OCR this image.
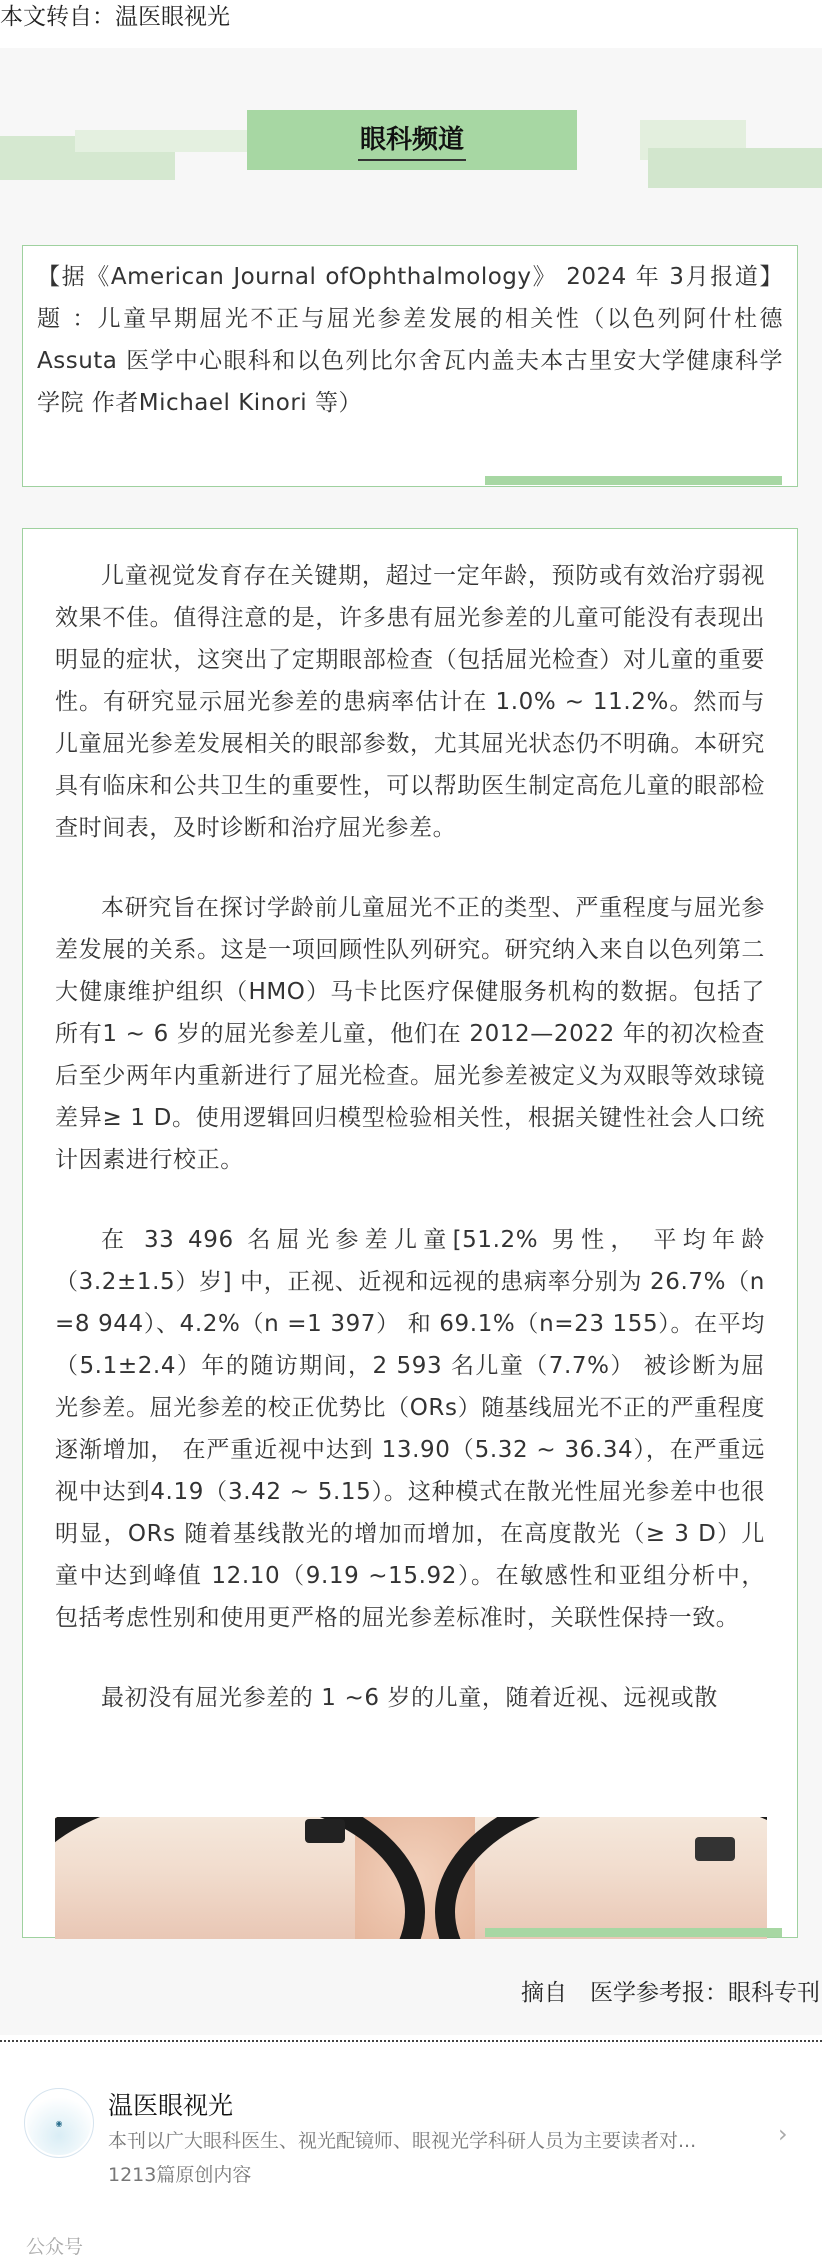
本文转自：温医眼视光
眼科频道

【据《American Journal ofOphthalmology》 2024 年 3月报道】题 ：儿童早期屈光不正与屈光参差发展的相关性（以色列阿什杜德 Assuta 医学中心眼科和以色列比尔舍瓦内盖夫本古里安大学健康科学学院 作者Michael Kinori 等）

儿童视觉发育存在关键期，超过一定年龄，预防或有效治疗弱视效果不佳。值得注意的是，许多患有屈光参差的儿童可能没有表现出明显的症状，这突出了定期眼部检查（包括屈光检查）对儿童的重要性。有研究显示屈光参差的患病率估计在 1.0% ~ 11.2%。然而与儿童屈光参差发展相关的眼部参数，尤其屈光状态仍不明确。本研究具有临床和公共卫生的重要性，可以帮助医生制定高危儿童的眼部检查时间表，及时诊断和治疗屈光参差。

本研究旨在探讨学龄前儿童屈光不正的类型、严重程度与屈光参差发展的关系。这是一项回顾性队列研究。研究纳入来自以色列第二大健康维护组织（HMO）马卡比医疗保健服务机构的数据。包括了所有1 ~ 6 岁的屈光参差儿童，他们在 2012—2022 年的初次检查后至少两年内重新进行了屈光检查。屈光参差被定义为双眼等效球镜差异≥ 1 D。使用逻辑回归模型检验相关性，根据关键性社会人口统计因素进行校正。

在 33 496 名屈光参差儿童[51.2% 男性， 平均年龄（3.2±1.5）岁] 中，正视、近视和远视的患病率分别为 26.7%（n =8 944）、4.2%（n =1 397） 和 69.1%（n=23 155）。在平均（5.1±2.4）年的随访期间，2 593 名儿童（7.7%） 被诊断为屈光参差。屈光参差的校正优势比（ORs）随基线屈光不正的严重程度逐渐增加， 在严重近视中达到 13.90（5.32 ~ 36.34），在严重远视中达到4.19（3.42 ~ 5.15）。这种模式在散光性屈光参差中也很明显，ORs 随着基线散光的增加而增加，在高度散光（≥ 3 D）儿童中达到峰值 12.10（9.19 ~15.92）。在敏感性和亚组分析中，包括考虑性别和使用更严格的屈光参差标准时，关联性保持一致。

最初没有屈光参差的 1 ~6 岁的儿童，随着近视、远视或散

摘自　医学参考报：眼科专刊
◉
温医眼视光
本刊以广大眼科医生、视光配镜师、眼视光学科研人员为主要读者对...
1213篇原创内容
›
公众号
